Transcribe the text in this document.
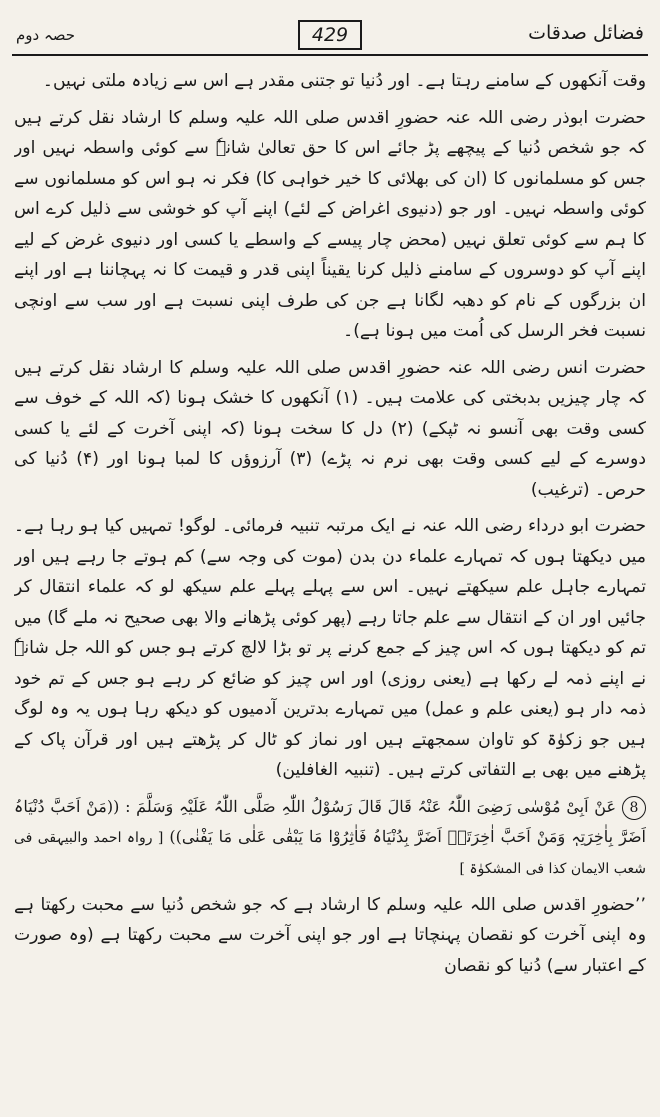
فضائل صدقات
429
حصہ دوم

وقت آنکھوں کے سامنے رہتا ہے۔ اور دُنیا تو جتنی مقدر ہے اس سے زیادہ ملتی نہیں۔

حضرت ابوذر رضی اللہ عنہ حضورِ اقدس صلی اللہ علیہ وسلم کا ارشاد نقل کرتے ہیں کہ جو شخص دُنیا کے پیچھے پڑ جائے اس کا حق تعالیٰ شانہٗ سے کوئی واسطہ نہیں اور جس کو مسلمانوں کا (ان کی بھلائی کا خیر خواہی کا) فکر نہ ہو اس کو مسلمانوں سے کوئی واسطہ نہیں۔ اور جو (دنیوی اغراض کے لئے) اپنے آپ کو خوشی سے ذلیل کرے اس کا ہم سے کوئی تعلق نہیں (محض چار پیسے کے واسطے یا کسی اور دنیوی غرض کے لیے اپنے آپ کو دوسروں کے سامنے ذلیل کرنا یقیناً اپنی قدر و قیمت کا نہ پہچاننا ہے اور اپنے ان بزرگوں کے نام کو دھبہ لگانا ہے جن کی طرف اپنی نسبت ہے اور سب سے اونچی نسبت فخر الرسل کی اُمت میں ہونا ہے)۔

حضرت انس رضی اللہ عنہ حضورِ اقدس صلی اللہ علیہ وسلم کا ارشاد نقل کرتے ہیں کہ چار چیزیں بدبختی کی علامت ہیں۔ (۱) آنکھوں کا خشک ہونا (کہ اللہ کے خوف سے کسی وقت بھی آنسو نہ ٹپکے) (۲) دل کا سخت ہونا (کہ اپنی آخرت کے لئے یا کسی دوسرے کے لیے کسی وقت بھی نرم نہ پڑے) (۳) آرزوؤں کا لمبا ہونا اور (۴) دُنیا کی حرص۔ (ترغیب)

حضرت ابو درداء رضی اللہ عنہ نے ایک مرتبہ تنبیہ فرمائی۔ لوگو! تمہیں کیا ہو رہا ہے۔ میں دیکھتا ہوں کہ تمہارے علماء دن بدن (موت کی وجہ سے) کم ہوتے جا رہے ہیں اور تمہارے جاہل علم سیکھتے نہیں۔ اس سے پہلے پہلے علم سیکھ لو کہ علماء انتقال کر جائیں اور ان کے انتقال سے علم جاتا رہے (پھر کوئی پڑھانے والا بھی صحیح نہ ملے گا) میں تم کو دیکھتا ہوں کہ اس چیز کے جمع کرنے پر تو بڑا لالچ کرتے ہو جس کو اللہ جل شانہٗ نے اپنے ذمہ لے رکھا ہے (یعنی روزی) اور اس چیز کو ضائع کر رہے ہو جس کے تم خود ذمہ دار ہو (یعنی علم و عمل) میں تمہارے بدترین آدمیوں کو دیکھ رہا ہوں یہ وہ لوگ ہیں جو زکوٰۃ کو تاوان سمجھتے ہیں اور نماز کو ٹال کر پڑھتے ہیں اور قرآن پاک کے پڑھنے میں بھی بے التفاتی کرتے ہیں۔ (تنبیہ الغافلین)

8عَنْ اَبِیْ مُوْسٰی رَضِیَ اللّٰہُ عَنْہُ قَالَ قَالَ رَسُوْلُ اللّٰہِ صَلَّی اللّٰہُ عَلَیْہِ وَسَلَّمَ : ((مَنْ اَحَبَّ دُنْیَاہُ اَضَرَّ بِاٰخِرَتِہٖ وَمَنْ اَحَبَّ اٰخِرَتَہٗ اَضَرَّ بِدُنْیَاہُ فَاٰثِرُوْا مَا یَبْقٰی عَلٰی مَا یَفْنٰی)) [ رواہ احمد والبیہقی فی شعب الایمان کذا فی المشکوٰۃ ]

’’حضورِ اقدس صلی اللہ علیہ وسلم کا ارشاد ہے کہ جو شخص دُنیا سے محبت رکھتا ہے وہ اپنی آخرت کو نقصان پہنچاتا ہے اور جو اپنی آخرت سے محبت رکھتا ہے (وہ صورت کے اعتبار سے) دُنیا کو نقصان
